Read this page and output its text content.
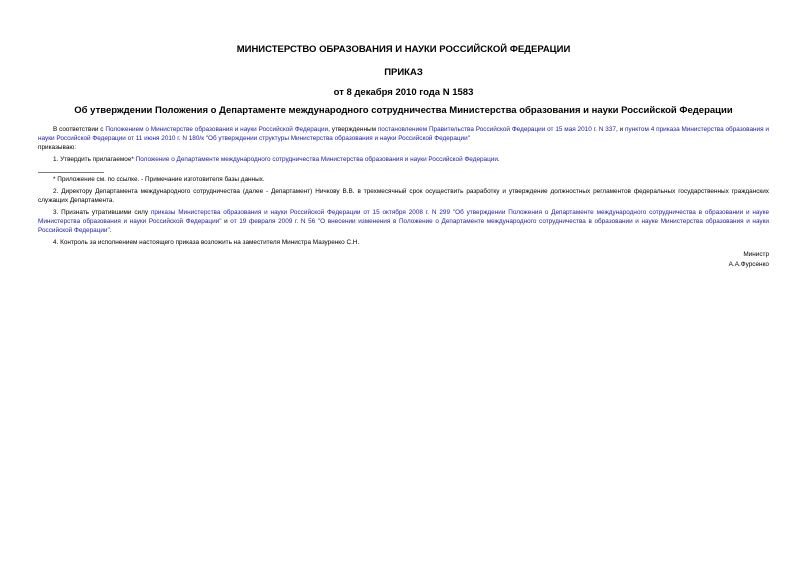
МИНИСТЕРСТВО ОБРАЗОВАНИЯ И НАУКИ РОССИЙСКОЙ ФЕДЕРАЦИИ
ПРИКАЗ
от 8 декабря 2010 года N 1583
Об утверждении Положения о Департаменте международного сотрудничества Министерства образования и науки Российской Федерации

В соответствии с Положением о Министерстве образования и науки Российской Федерации, утвержденным постановлением Правительства Российской Федерации от 15 мая 2010 г. N 337, и пунктом 4 приказа Министерства образования и науки Российской Федерации от 11 июня 2010 г. N 180/к "Об утверждении структуры Министерства образования и науки Российской Федерации"

приказываю:

1. Утвердить прилагаемое* Положение о Департаменте международного сотрудничества Министерства образования и науки Российской Федерации.

* Приложение см. по ссылке. - Примечание изготовителя базы данных.

2. Директору Департамента международного сотрудничества (далее - Департамент) Ничкову В.В. в трехмесячный срок осуществить разработку и утверждение должностных регламентов федеральных государственных гражданских служащих Департамента.

3. Признать утратившими силу приказы Министерства образования и науки Российской Федерации от 15 октября 2008 г. N 299 "Об утверждении Положения о Департаменте международного сотрудничества в образовании и науке Министерства образования и науки Российской Федерации" и от 19 февраля 2009 г. N 56 "О внесении изменения в Положение о Департаменте международного сотрудничества в образовании и науке Министерства образования и науки Российской Федерации".

4. Контроль за исполнением настоящего приказа возложить на заместителя Министра Мазуренко С.Н.

Министр
А.А.Фурсенко
